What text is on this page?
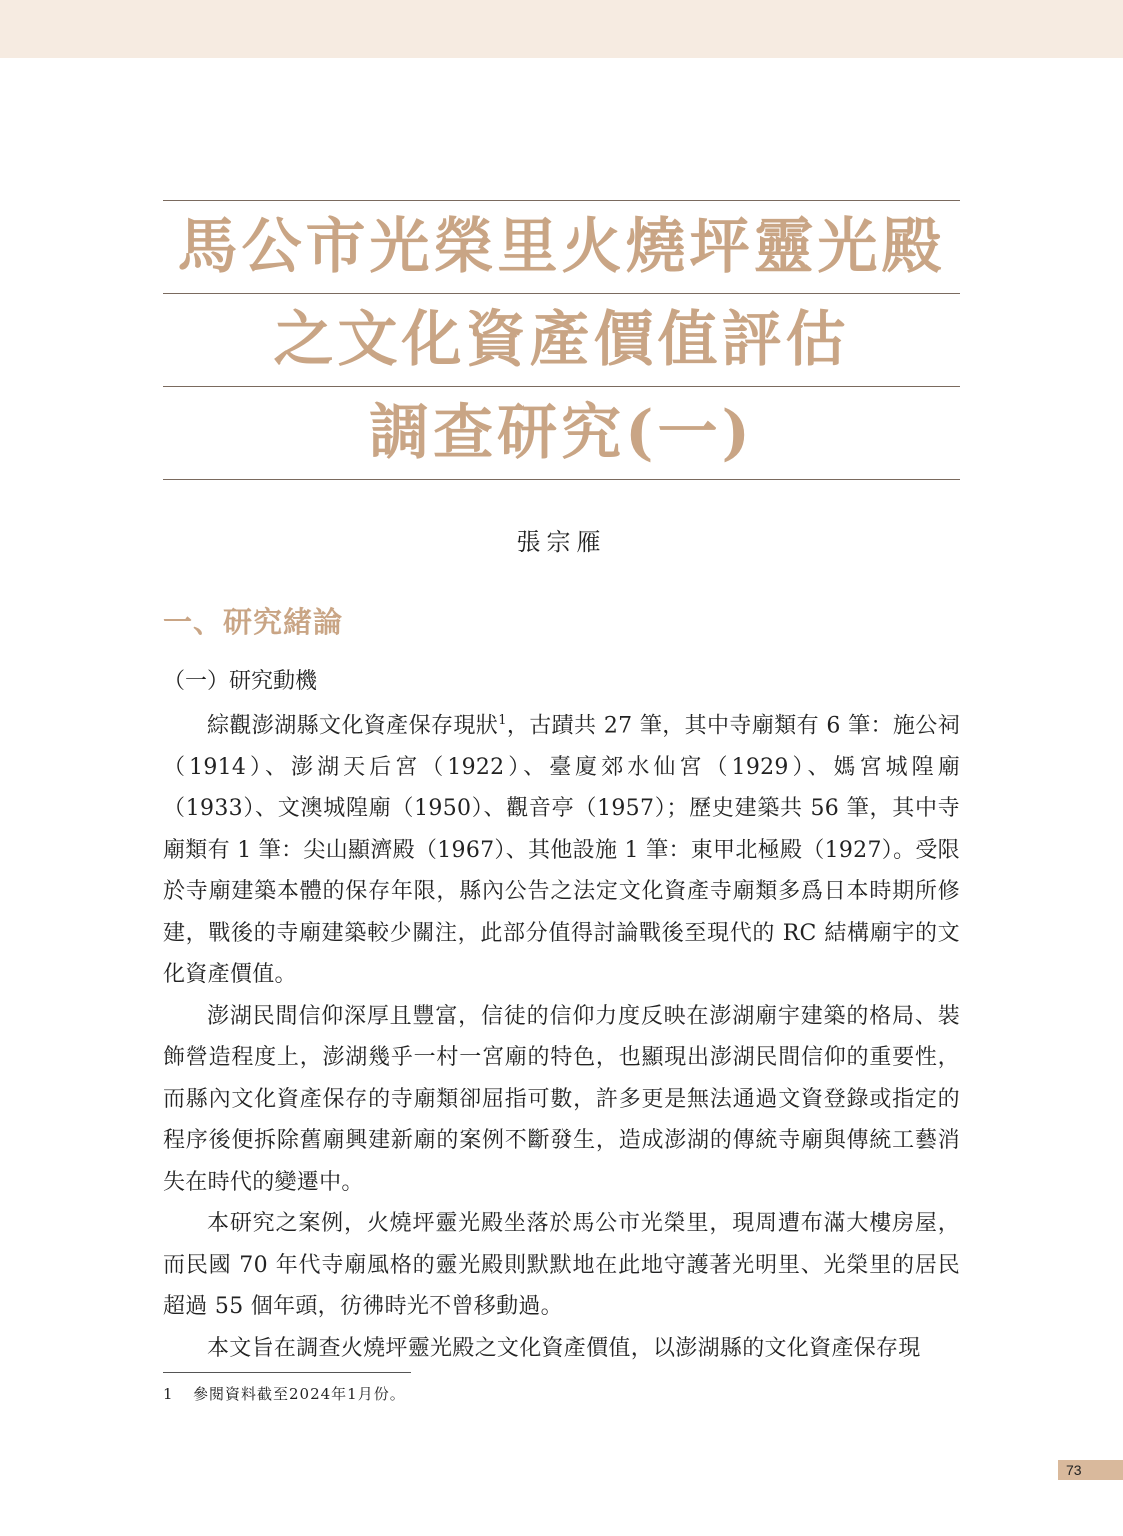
馬公市光榮里火燒坪靈光殿
之文化資產價值評估
調查研究(一)
張宗雁
一、研究緒論
（一）研究動機

綜觀澎湖縣文化資產保存現狀$^1$，古蹟共 27 筆，其中寺廟類有 6 筆：施公祠（1914）、澎湖天后宮（1922）、臺廈郊水仙宮（1929）、媽宮城隍廟（1933）、文澳城隍廟（1950）、觀音亭（1957）；歷史建築共 56 筆，其中寺廟類有 1 筆：尖山顯濟殿（1967）、其他設施 1 筆：東甲北極殿（1927）。受限於寺廟建築本體的保存年限，縣內公告之法定文化資產寺廟類多爲日本時期所修建，戰後的寺廟建築較少關注，此部分值得討論戰後至現代的 RC 結構廟宇的文化資產價值。

澎湖民間信仰深厚且豐富，信徒的信仰力度反映在澎湖廟宇建築的格局、裝飾營造程度上，澎湖幾乎一村一宮廟的特色，也顯現出澎湖民間信仰的重要性，而縣內文化資產保存的寺廟類卻屈指可數，許多更是無法通過文資登錄或指定的程序後便拆除舊廟興建新廟的案例不斷發生，造成澎湖的傳統寺廟與傳統工藝消失在時代的變遷中。

本研究之案例，火燒坪靈光殿坐落於馬公市光榮里，現周遭布滿大樓房屋，而民國 70 年代寺廟風格的靈光殿則默默地在此地守護著光明里、光榮里的居民超過 55 個年頭，彷彿時光不曾移動過。

本文旨在調查火燒坪靈光殿之文化資產價值，以澎湖縣的文化資產保存現

1 參閱資料截至2024年1月份。
73
